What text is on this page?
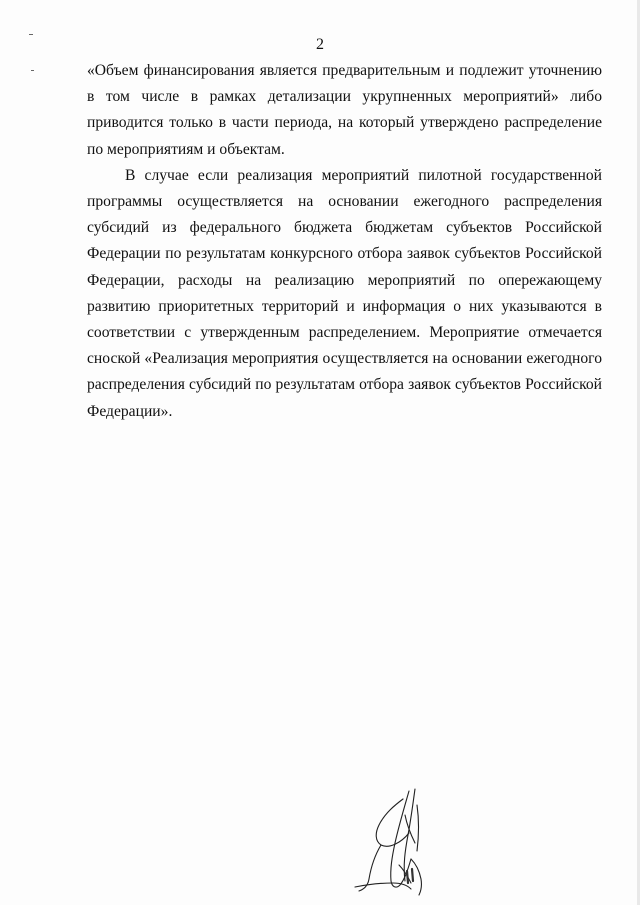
2

«Объем финансирования является предварительным и подлежит уточнению в том числе в рамках детализации укрупненных мероприятий» либо приводится только в части периода, на который утверждено распределение по мероприятиям и объектам.

В случае если реализация мероприятий пилотной государственной программы осуществляется на основании ежегодного распределения субсидий из федерального бюджета бюджетам субъектов Российской Федерации по результатам конкурсного отбора заявок субъектов Российской Федерации, расходы на реализацию мероприятий по опережающему развитию приоритетных территорий и информация о них указываются в соответствии с утвержденным распределением. Мероприятие отмечается сноской «Реализация мероприятия осуществляется на основании ежегодного распределения субсидий по результатам отбора заявок субъектов Российской Федерации».
